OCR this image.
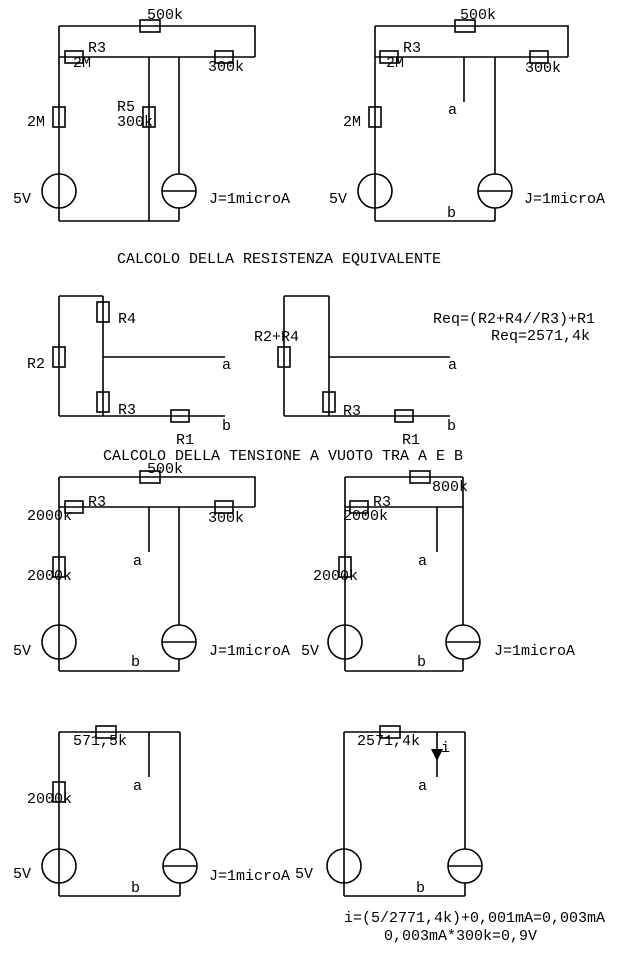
500k
R3
2M	300k
2M
R5
300k
5V	J=1microA
500k
R3
2M	300k
2M
a
5V	J=1microA
b
CALCOLO DELLA RESISTENZA EQUIVALENTE
R4
R2	a
R3
b
R1
R2+R4
Req=(R2+R4//R3)+R1
Req=2571,4k
a
R3
b
R1
CALCOLO DELLA TENSIONE A VUOTO TRA A E B
500k
R3
2000k	300k
2000k
a
5V	J=1microA
b
800k
R3
2000k
2000k
a
5V	J=1microA
b
571,5k
a
2000k
5V	J=1microA
b
2571,4k i
a
5V
b
i=(5/2771,4k)+0,001mA=0,003mA
0,003mA*300k=0,9V
